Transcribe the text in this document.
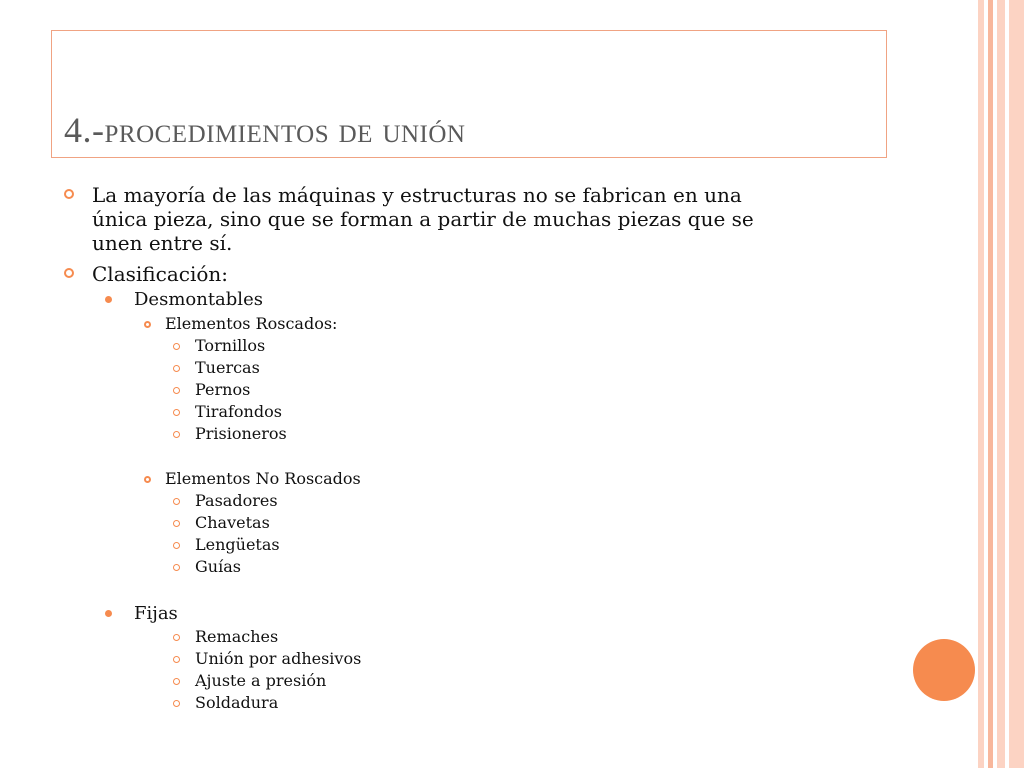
4.-procedimientos de unión
La mayoría de las máquinas y estructuras no se fabrican en una
única pieza, sino que se forman a partir de muchas piezas que se
unen entre sí.
Clasificación:
Desmontables
Elementos Roscados:
Tornillos
Tuercas
Pernos
Tirafondos
Prisioneros
Elementos No Roscados
Pasadores
Chavetas
Lengüetas
Guías
Fijas
Remaches
Unión por adhesivos
Ajuste a presión
Soldadura
